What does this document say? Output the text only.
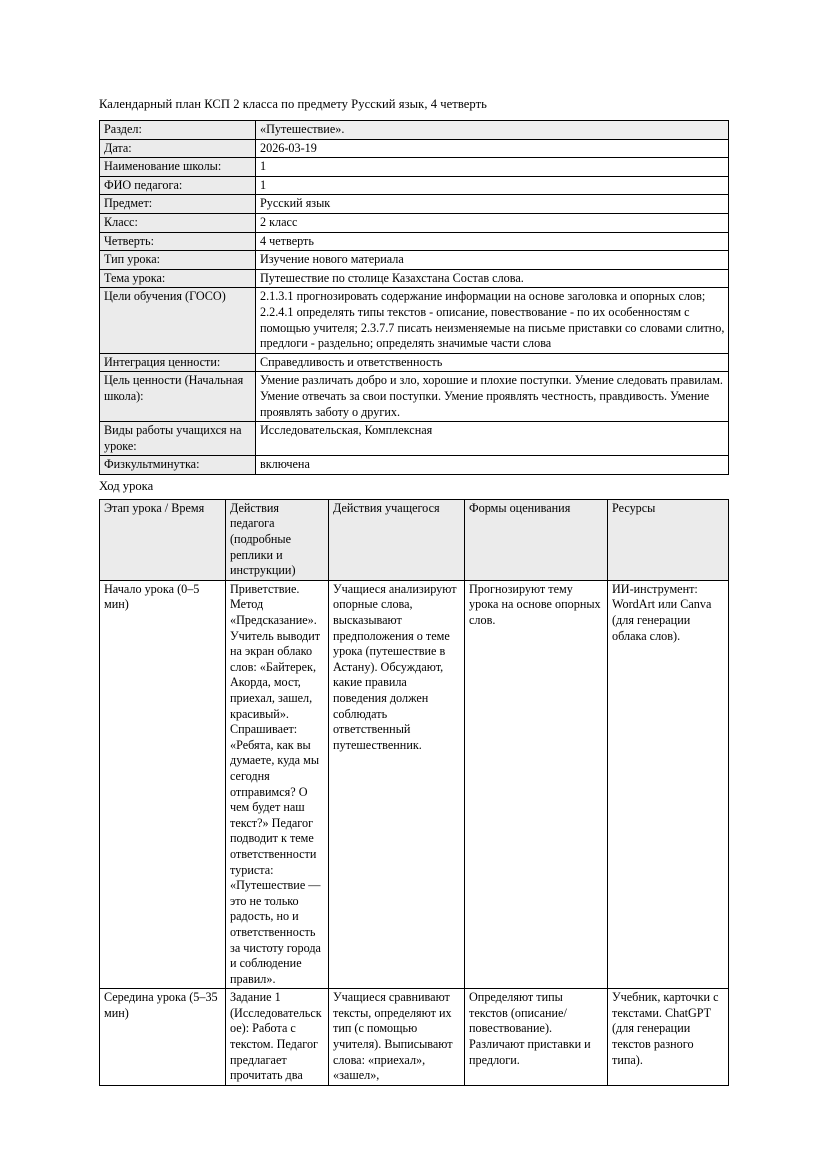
Календарный план КСП 2 класса по предмету Русский язык, 4 четверть
Раздел:	«Путешествие».
Дата:	2026-03-19
Наименование школы:	1
ФИО педагога:	1
Предмет:	Русский язык
Класс:	2 класс
Четверть:	4 четверть
Тип урока:	Изучение нового материала
Тема урока:	Путешествие по столице Казахстана Состав слова.
Цели обучения (ГОСО)	2.1.3.1 прогнозировать содержание информации на основе заголовка и опорных слов; 2.2.4.1 определять типы текстов - описание, повествование - по их особенностям с помощью учителя; 2.3.7.7 писать неизменяемые на письме приставки со словами слитно, предлоги - раздельно; определять значимые части слова
Интеграция ценности:	Справедливость и ответственность
Цель ценности (Начальная школа):	Умение различать добро и зло, хорошие и плохие поступки. Умение следовать правилам. Умение отвечать за свои поступки. Умение проявлять честность, правдивость. Умение проявлять заботу о других.
Виды работы учащихся на уроке:	Исследовательская, Комплексная
Физкультминутка:	включена
Ход урока
Этап урока / Время	Действия педагога (подробные реплики и инструкции)	Действия учащегося	Формы оценивания	Ресурсы
Начало урока (0–5 мин)	Приветствие. Метод «Предсказание». Учитель выводит на экран облако слов: «Байтерек, Акорда, мост, приехал, зашел, красивый». Спрашивает: «Ребята, как вы думаете, куда мы сегодня отправимся? О чем будет наш текст?» Педагог подводит к теме ответственности туриста: «Путешествие — это не только радость, но и ответственность за чистоту города и соблюдение правил».	Учащиеся анализируют опорные слова, высказывают предположения о теме урока (путешествие в Астану). Обсуждают, какие правила поведения должен соблюдать ответственный путешественник.	Прогнозируют тему урока на основе опорных слов.	ИИ-инструмент: WordArt или Canva (для генерации облака слов).
Середина урока (5–35 мин)	Задание 1 (Исследовательское): Работа с текстом. Педагог предлагает прочитать два	Учащиеся сравнивают тексты, определяют их тип (с помощью учителя). Выписывают слова: «приехал», «зашел»,	Определяют типы текстов (описание/повествование). Различают приставки и предлоги.	Учебник, карточки с текстами. ChatGPT (для генерации текстов разного типа).
